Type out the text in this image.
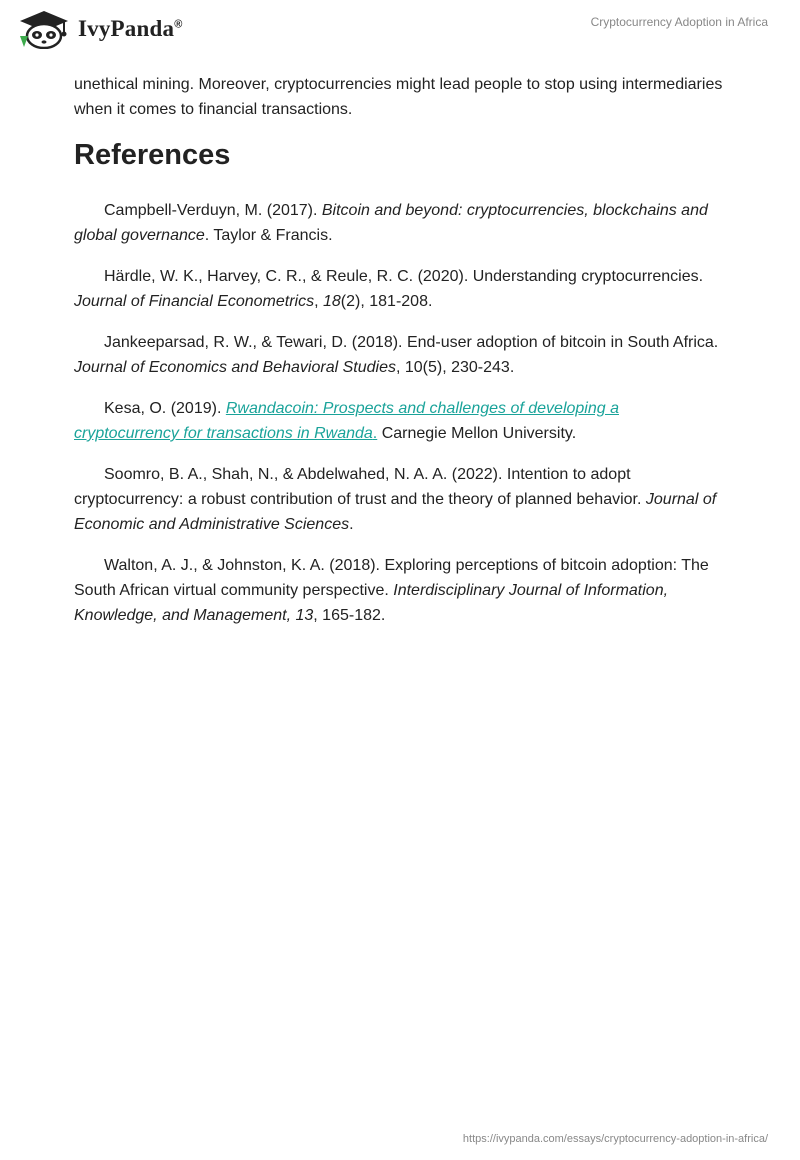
IvyPanda®	Cryptocurrency Adoption in Africa

unethical mining. Moreover, cryptocurrencies might lead people to stop using intermediaries when it comes to financial transactions.

References

Campbell-Verduyn, M. (2017). Bitcoin and beyond: cryptocurrencies, blockchains and global governance. Taylor & Francis.

Härdle, W. K., Harvey, C. R., & Reule, R. C. (2020). Understanding cryptocurrencies. Journal of Financial Econometrics, 18(2), 181-208.

Jankeeparsad, R. W., & Tewari, D. (2018). End-user adoption of bitcoin in South Africa. Journal of Economics and Behavioral Studies, 10(5), 230-243.

Kesa, O. (2019). Rwandacoin: Prospects and challenges of developing a cryptocurrency for transactions in Rwanda. Carnegie Mellon University.

Soomro, B. A., Shah, N., & Abdelwahed, N. A. A. (2022). Intention to adopt cryptocurrency: a robust contribution of trust and the theory of planned behavior. Journal of Economic and Administrative Sciences.

Walton, A. J., & Johnston, K. A. (2018). Exploring perceptions of bitcoin adoption: The South African virtual community perspective. Interdisciplinary Journal of Information, Knowledge, and Management, 13, 165-182.

https://ivypanda.com/essays/cryptocurrency-adoption-in-africa/
